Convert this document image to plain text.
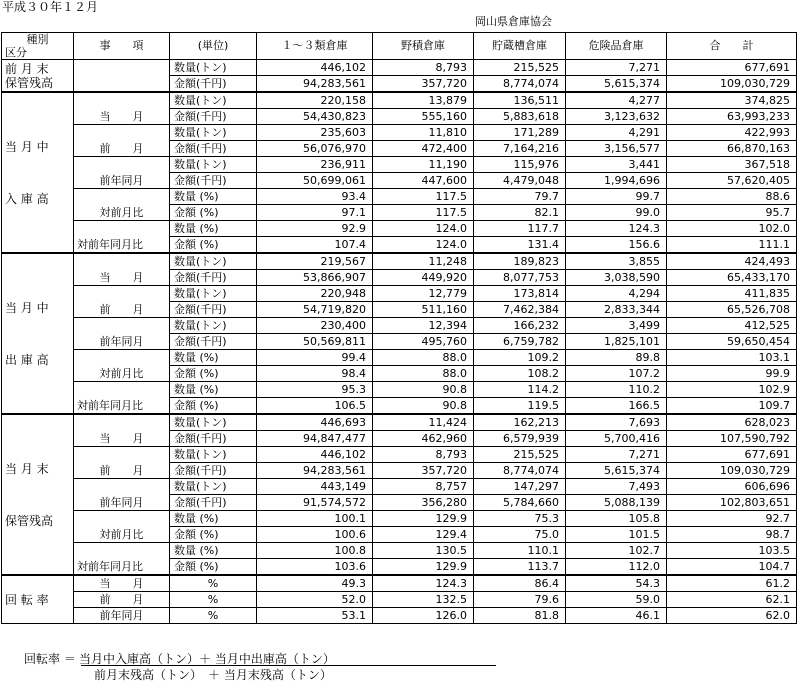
平成３０年１２月
岡山県倉庫協会
種別	事　　項	(単位)	１～３類倉庫	野積倉庫	貯蔵槽倉庫	危険品倉庫	合　　計
区分							

前 月 末
保管残高		数量(トン)	446,102	8,793	215,525	7,271	677,691
		金額(千円)	94,283,561	357,720	8,774,074	5,615,374	109,030,729

当 月 中
入 庫 高	当　　月	数量(トン)	220,158	13,879	136,511	4,277	374,825
		金額(千円)	54,430,823	555,160	5,883,618	3,123,632	63,993,233
	前　　月	数量(トン)	235,603	11,810	171,289	4,291	422,993
		金額(千円)	56,076,970	472,400	7,164,216	3,156,577	66,870,163
	前年同月	数量(トン)	236,911	11,190	115,976	3,441	367,518
		金額(千円)	50,699,061	447,600	4,479,048	1,994,696	57,620,405
	対前月比	数量 (%)	93.4	117.5	79.7	99.7	88.6
		金額 (%)	97.1	117.5	82.1	99.0	95.7
	対前年同月比	数量 (%)	92.9	124.0	117.7	124.3	102.0
		金額 (%)	107.4	124.0	131.4	156.6	111.1

当 月 中
出 庫 高	当　　月	数量(トン)	219,567	11,248	189,823	3,855	424,493
		金額(千円)	53,866,907	449,920	8,077,753	3,038,590	65,433,170
	前　　月	数量(トン)	220,948	12,779	173,814	4,294	411,835
		金額(千円)	54,719,820	511,160	7,462,384	2,833,344	65,526,708
	前年同月	数量(トン)	230,400	12,394	166,232	3,499	412,525
		金額(千円)	50,569,811	495,760	6,759,782	1,825,101	59,650,454
	対前月比	数量 (%)	99.4	88.0	109.2	89.8	103.1
		金額 (%)	98.4	88.0	108.2	107.2	99.9
	対前年同月比	数量 (%)	95.3	90.8	114.2	110.2	102.9
		金額 (%)	106.5	90.8	119.5	166.5	109.7

当 月 末
保管残高	当　　月	数量(トン)	446,693	11,424	162,213	7,693	628,023
		金額(千円)	94,847,477	462,960	6,579,939	5,700,416	107,590,792
	前　　月	数量(トン)	446,102	8,793	215,525	7,271	677,691
		金額(千円)	94,283,561	357,720	8,774,074	5,615,374	109,030,729
	前年同月	数量(トン)	443,149	8,757	147,297	7,493	606,696
		金額(千円)	91,574,572	356,280	5,784,660	5,088,139	102,803,651
	対前月比	数量 (%)	100.1	129.9	75.3	105.8	92.7
		金額 (%)	100.6	129.4	75.0	101.5	98.7
	対前年同月比	数量 (%)	100.8	130.5	110.1	102.7	103.5
		金額 (%)	103.6	129.9	113.7	112.0	104.7
回 転 率	当　　月	%	49.3	124.3	86.4	54.3	61.2
	前　　月	%	52.0	132.5	79.6	59.0	62.1
	前年同月	%	53.1	126.0	81.8	46.1	62.0
回転率 ＝ 当月中入庫高（トン）＋ 当月中出庫高（トン）
前月末残高（トン）　＋ 当月末残高（トン）
